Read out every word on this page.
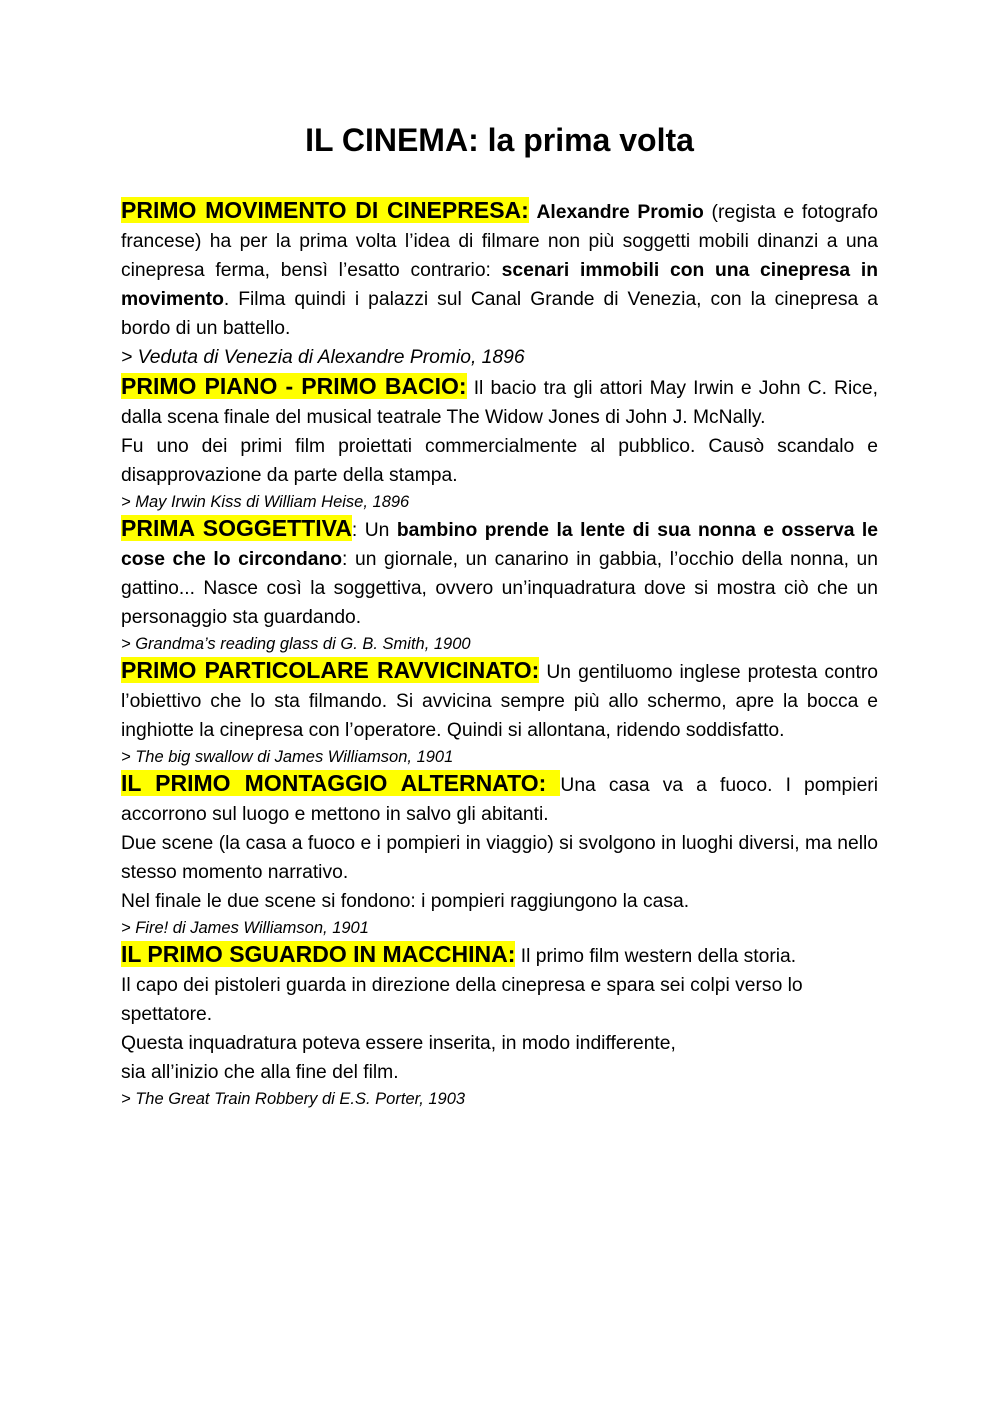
IL CINEMA: la prima volta

PRIMO MOVIMENTO DI CINEPRESA: Alexandre Promio (regista e fotografo francese) ha per la prima volta l’idea di filmare non più soggetti mobili dinanzi a una cinepresa ferma, bensì l’esatto contrario: scenari immobili con una cinepresa in movimento. Filma quindi i palazzi sul Canal Grande di Venezia, con la cinepresa a bordo di un battello.

> Veduta di Venezia di Alexandre Promio, 1896

PRIMO PIANO - PRIMO BACIO: Il bacio tra gli attori May Irwin e John C. Rice, dalla scena finale del musical teatrale The Widow Jones di John J. McNally.

Fu uno dei primi film proiettati commercialmente al pubblico. Causò scandalo e disapprovazione da parte della stampa.

> May Irwin Kiss di William Heise, 1896

PRIMA SOGGETTIVA: Un bambino prende la lente di sua nonna e osserva le cose che lo circondano: un giornale, un canarino in gabbia, l’occhio della nonna, un gattino... Nasce così la soggettiva, ovvero un’inquadratura dove si mostra ciò che un personaggio sta guardando.

> Grandma’s reading glass di G. B. Smith, 1900

PRIMO PARTICOLARE RAVVICINATO: Un gentiluomo inglese protesta contro l’obiettivo che lo sta filmando. Si avvicina sempre più allo schermo, apre la bocca e inghiotte la cinepresa con l’operatore. Quindi si allontana, ridendo soddisfatto.

> The big swallow di James Williamson, 1901

IL PRIMO MONTAGGIO ALTERNATO: Una casa va a fuoco. I pompieri accorrono sul luogo e mettono in salvo gli abitanti.

Due scene (la casa a fuoco e i pompieri in viaggio) si svolgono in luoghi diversi, ma nello stesso momento narrativo.

Nel finale le due scene si fondono: i pompieri raggiungono la casa.

> Fire! di James Williamson, 1901

IL PRIMO SGUARDO IN MACCHINA: Il primo film western della storia.

Il capo dei pistoleri guarda in direzione della cinepresa e spara sei colpi verso lo spettatore.

Questa inquadratura poteva essere inserita, in modo indifferente,

sia all’inizio che alla fine del film.

> The Great Train Robbery di E.S. Porter, 1903
